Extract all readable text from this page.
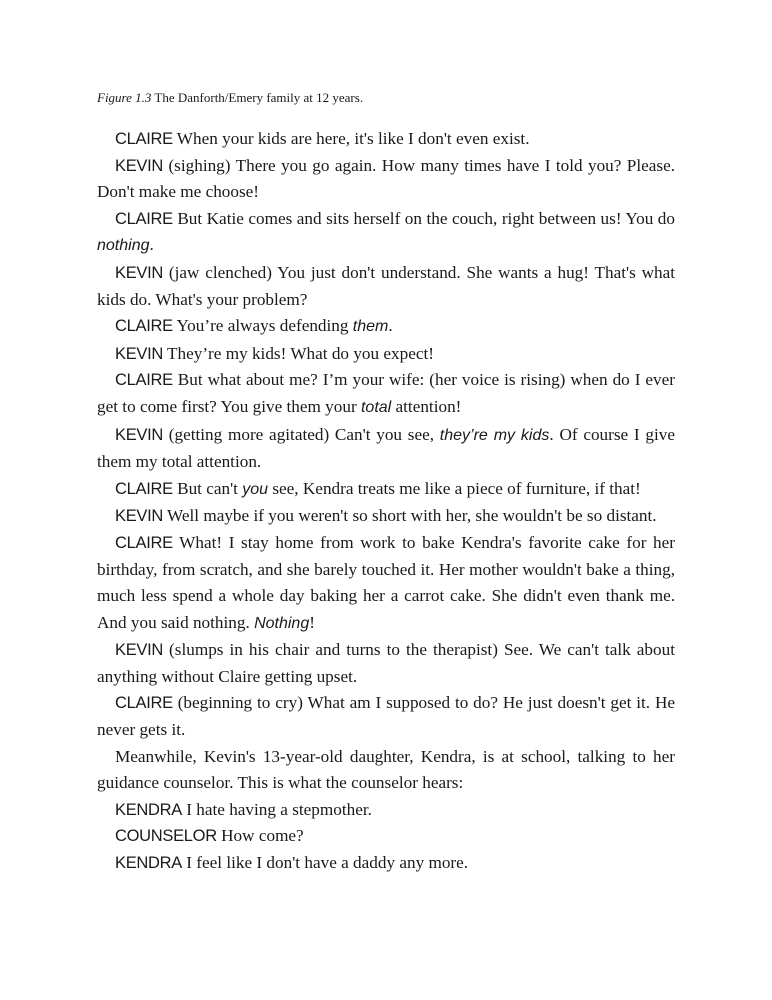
Figure 1.3 The Danforth/Emery family at 12 years.

CLAIRE When your kids are here, it's like I don't even exist.

KEVIN (sighing) There you go again. How many times have I told you? Please. Don't make me choose!

CLAIRE But Katie comes and sits herself on the couch, right between us! You do nothing.

KEVIN (jaw clenched) You just don't understand. She wants a hug! That's what kids do. What's your problem?

CLAIRE You’re always defending them.

KEVIN They’re my kids! What do you expect!

CLAIRE But what about me? I’m your wife: (her voice is rising) when do I ever get to come first? You give them your total attention!

KEVIN (getting more agitated) Can't you see, they’re my kids. Of course I give them my total attention.

CLAIRE But can't you see, Kendra treats me like a piece of furniture, if that!

KEVIN Well maybe if you weren't so short with her, she wouldn't be so distant.

CLAIRE What! I stay home from work to bake Kendra's favorite cake for her birthday, from scratch, and she barely touched it. Her mother wouldn't bake a thing, much less spend a whole day baking her a carrot cake. She didn't even thank me. And you said nothing. Nothing!

KEVIN (slumps in his chair and turns to the therapist) See. We can't talk about anything without Claire getting upset.

CLAIRE (beginning to cry) What am I supposed to do? He just doesn't get it. He never gets it.

Meanwhile, Kevin's 13-year-old daughter, Kendra, is at school, talking to her guidance counselor. This is what the counselor hears:

KENDRA I hate having a stepmother.

COUNSELOR How come?

KENDRA I feel like I don't have a daddy any more.
